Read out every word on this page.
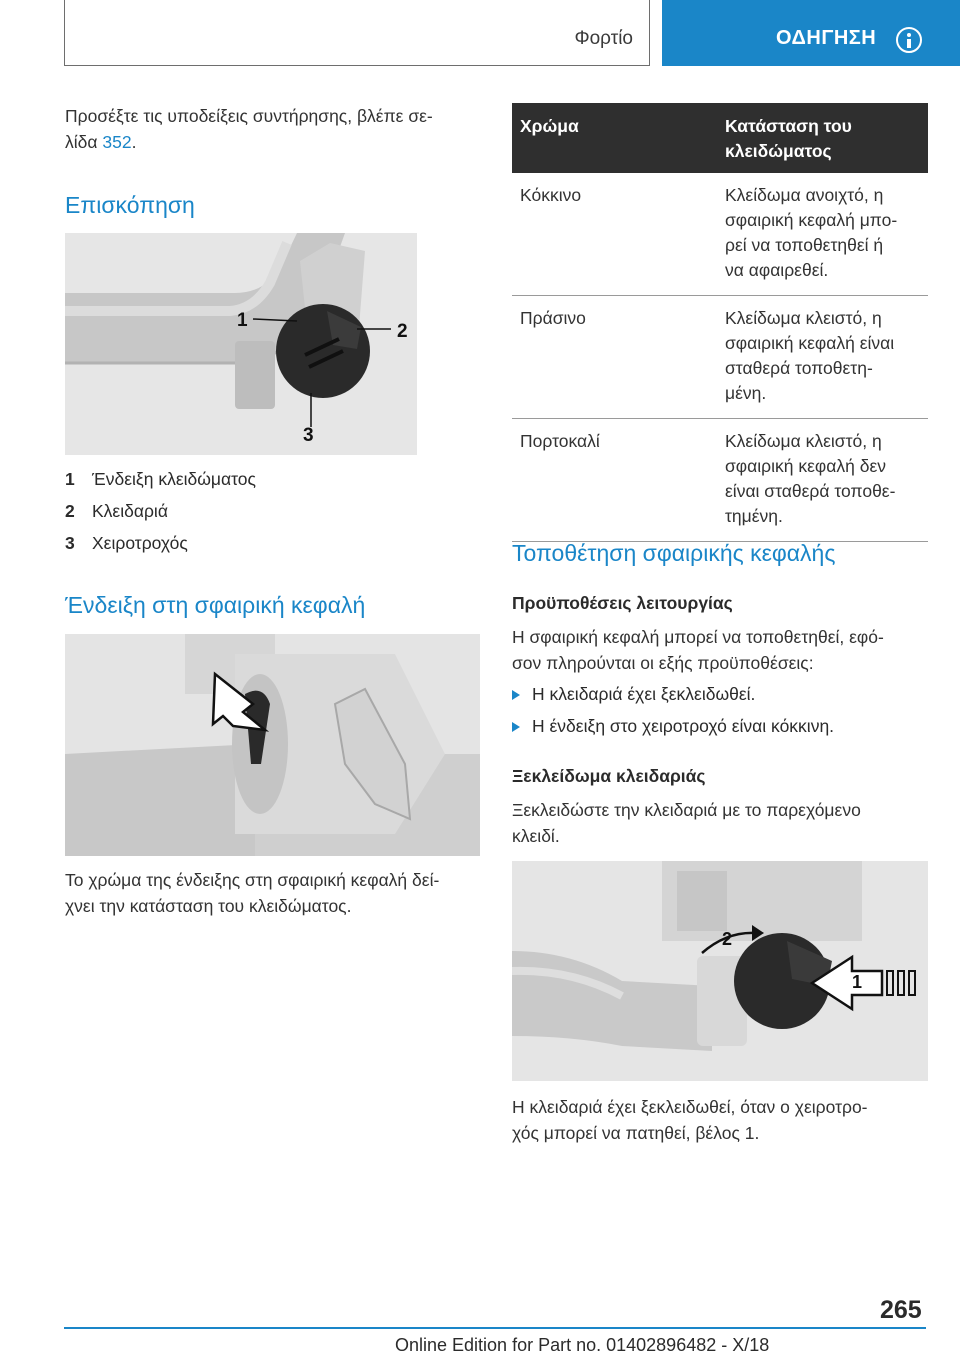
Φορτίο	ΟΔΗΓΗΣΗ
Προσέξτε τις υποδείξεις συντήρησης, βλέπε σε-
λίδα 352.
Επισκόπηση
1
2
3
1 Ένδειξη κλειδώματος
2 Κλειδαριά
3 Χειροτροχός
Ένδειξη στη σφαιρική κεφαλή
Το χρώμα της ένδειξης στη σφαιρική κεφαλή δεί-
χνει την κατάσταση του κλειδώματος.
Χρώμα	Κατάσταση του
κλειδώματος
Κόκκινο	Κλείδωμα ανοιχτό, η
σφαιρική κεφαλή μπο-
ρεί να τοποθετηθεί ή
να αφαιρεθεί.
Πράσινο	Κλείδωμα κλειστό, η
σφαιρική κεφαλή είναι
σταθερά τοποθετη-
μένη.
Πορτοκαλί	Κλείδωμα κλειστό, η
σφαιρική κεφαλή δεν
είναι σταθερά τοποθε-
τημένη.
Τοποθέτηση σφαιρικής κεφαλής
Προϋποθέσεις λειτουργίας
Η σφαιρική κεφαλή μπορεί να τοποθετηθεί, εφό-
σον πληρούνται οι εξής προϋποθέσεις:
Η κλειδαριά έχει ξεκλειδωθεί.
Η ένδειξη στο χειροτροχό είναι κόκκινη.
Ξεκλείδωμα κλειδαριάς
Ξεκλειδώστε την κλειδαριά με το παρεχόμενο
κλειδί.
2
1
Η κλειδαριά έχει ξεκλειδωθεί, όταν ο χειροτρο-
χός μπορεί να πατηθεί, βέλος 1.
265
Online Edition for Part no. 01402896482 - X/18
